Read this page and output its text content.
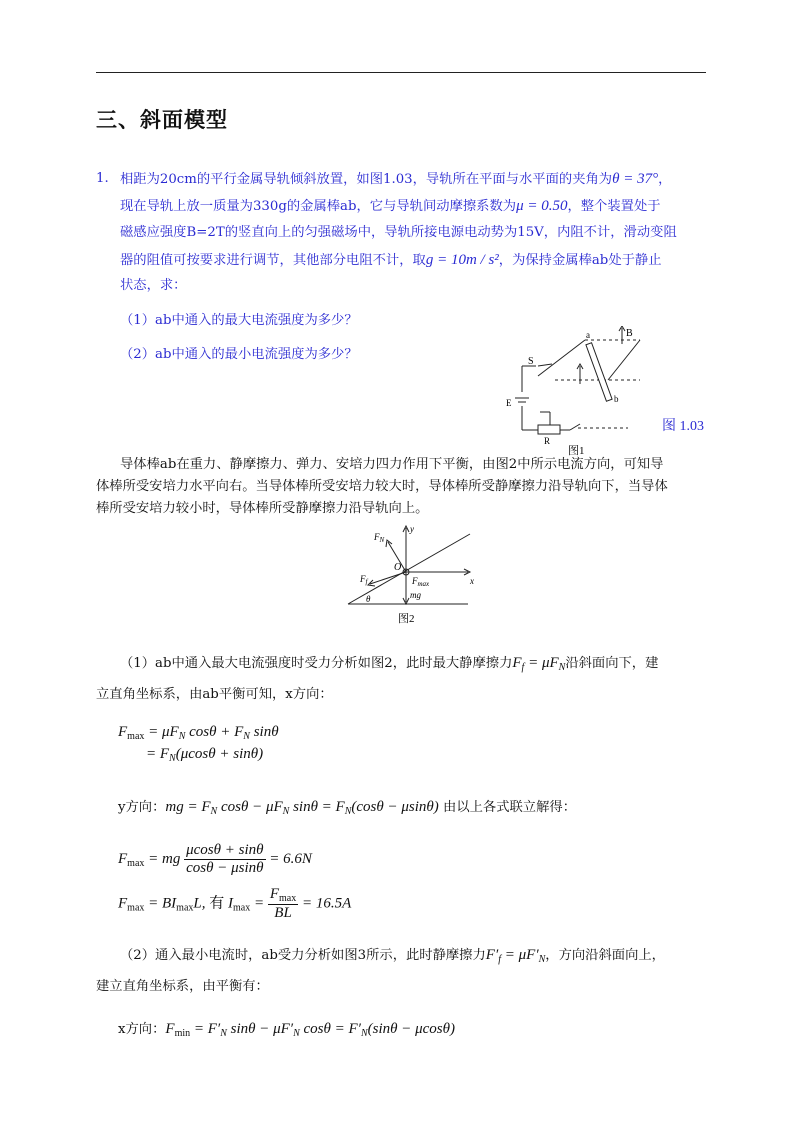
三、斜面模型
1. 相距为20cm的平行金属导轨倾斜放置，如图1.03，导轨所在平面与水平面的夹角为θ = 37°，
现在导轨上放一质量为330g的金属棒ab，它与导轨间动摩擦系数为μ = 0.50，整个装置处于
磁感应强度B=2T的竖直向上的匀强磁场中，导轨所接电源电动势为15V，内阻不计，滑动变阻
器的阻值可按要求进行调节，其他部分电阻不计，取g = 10m / s²，为保持金属棒ab处于静止
状态，求：
（1）ab中通入的最大电流强度为多少？
（2）ab中通入的最小电流强度为多少？	S
E
R
a
b
B
图1
图 1.03
导体棒ab在重力、静摩擦力、弹力、安培力四力作用下平衡，由图2中所示电流方向，可知导
体棒所受安培力水平向右。当导体棒所受安培力较大时，导体棒所受静摩擦力沿导轨向下，当导体
棒所受安培力较小时，导体棒所受静摩擦力沿导轨向上。
y
x
O
θ
$F_N$
$F_f$	$F_{max}$
mg
图2
（1）ab中通入最大电流强度时受力分析如图2，此时最大静摩擦力$F_f = \mu F_N$沿斜面向下，建
立直角坐标系，由ab平衡可知，x方向：
$F_{max} = \mu F_N$ $\cos\theta + F_N$ sinθ
= $F_N(\mu\cos\theta + \sin\theta)$
y方向：mg = $F_N$ $\cos\theta - \mu F_N$ $\sin\theta = F_N(\cos\theta - \mu\sin\theta)$ 由以上各式联立解得：
$F_{max}$ = mg $\frac{\mu\cos\theta + \sin\theta}{\cos\theta - \mu\sin\theta} = 6.6N$
$F_{max} = BI_{max}L$, 有 $I_{max} = \frac{F_{max}}{BL} = 16.5A$
（2）通入最小电流时，ab受力分析如图3所示，此时静摩擦力$F'_f = \mu F'_N$，方向沿斜面向上，
建立直角坐标系，由平衡有：
x方向：$F_{min} = F'_N$ $\sin\theta - \mu F'_N$ $\cos\theta = F'_N(\sin\theta - \mu\cos\theta)$
